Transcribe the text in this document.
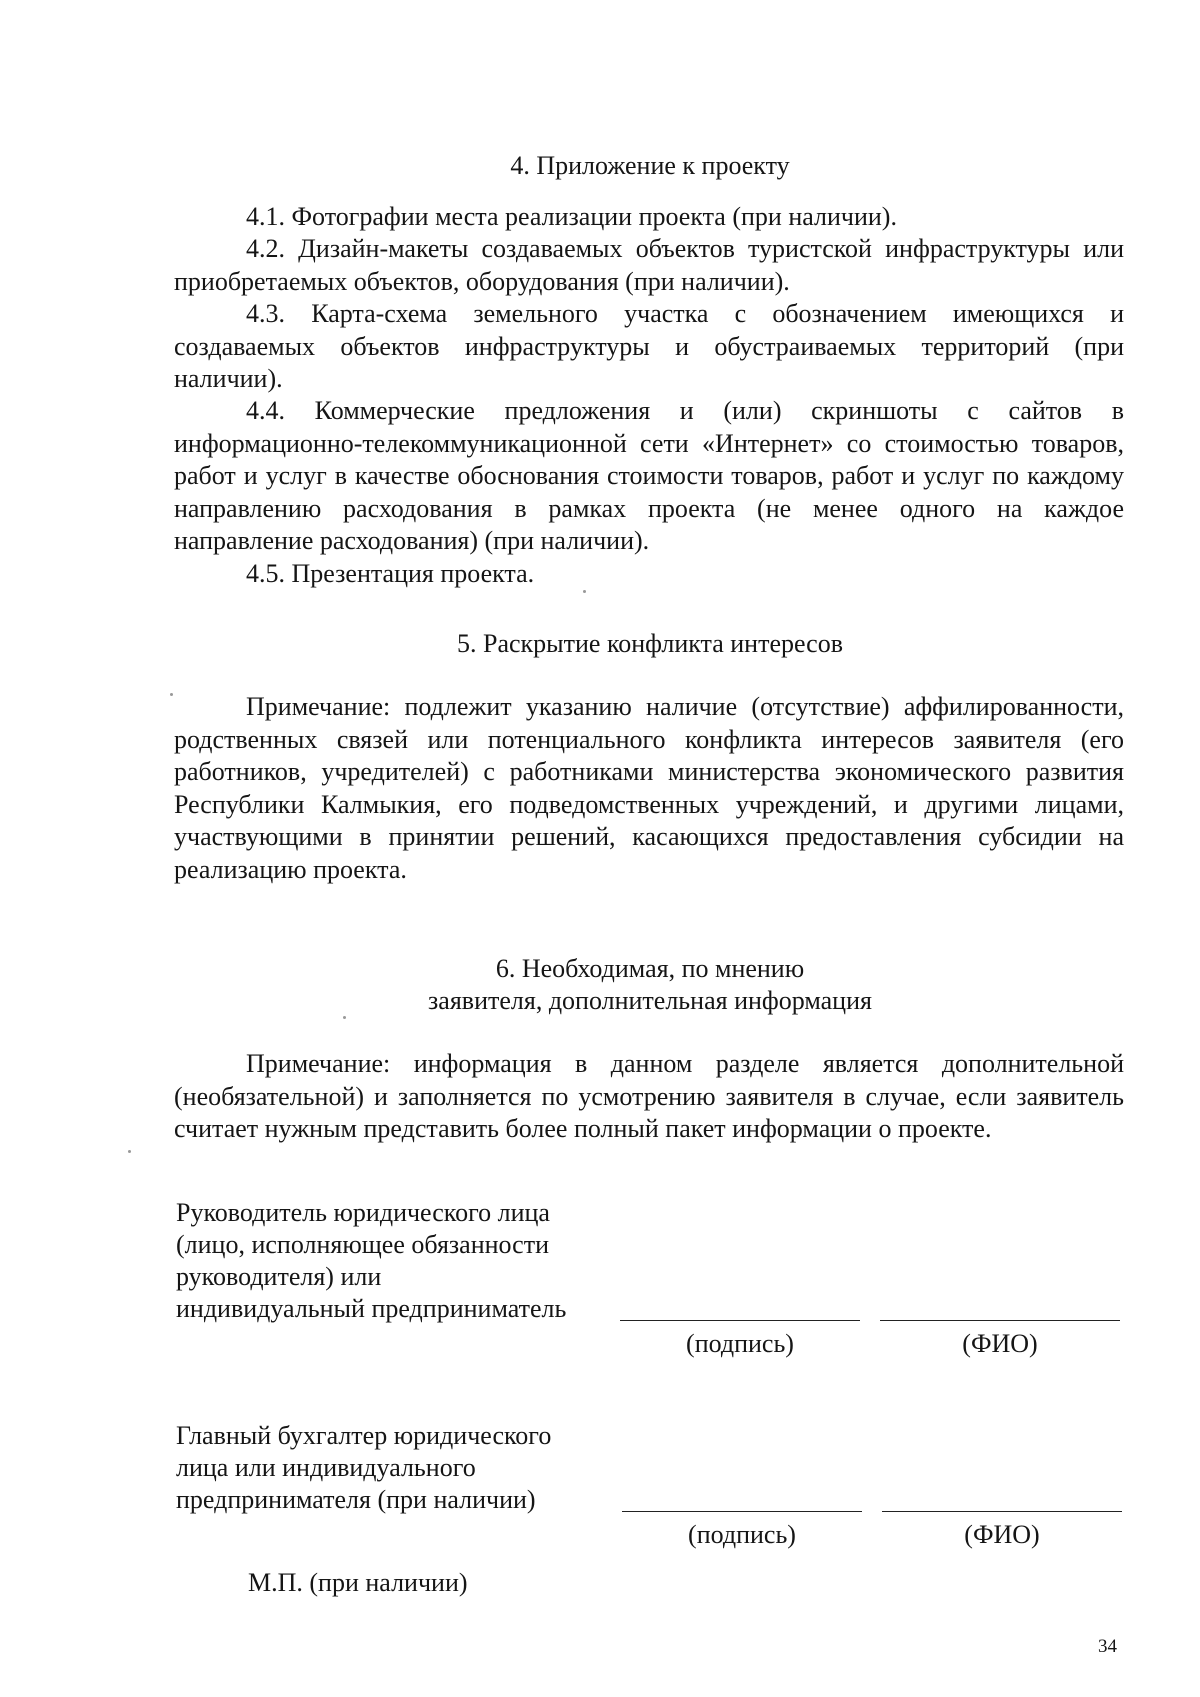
4. Приложение к проекту
4.1. Фотографии места реализации проекта (при наличии).
4.2. Дизайн-макеты создаваемых объектов туристской инфраструктуры или приобретаемых объектов, оборудования (при наличии).
4.3. Карта-схема земельного участка с обозначением имеющихся и создаваемых объектов инфраструктуры и обустраиваемых территорий (при наличии).
4.4. Коммерческие предложения и (или) скриншоты с сайтов в информационно-телекоммуникационной сети «Интернет» со стоимостью товаров, работ и услуг в качестве обоснования стоимости товаров, работ и услуг по каждому направлению расходования в рамках проекта (не менее одного на каждое направление расходования) (при наличии).
4.5. Презентация проекта.
5. Раскрытие конфликта интересов
Примечание: подлежит указанию наличие (отсутствие) аффилированности, родственных связей или потенциального конфликта интересов заявителя (его работников, учредителей) с работниками министерства экономического развития Республики Калмыкия, его подведомственных учреждений, и другими лицами, участвующими в принятии решений, касающихся предоставления субсидии на реализацию проекта.
6. Необходимая, по мнению
заявителя, дополнительная информация
Примечание: информация в данном разделе является дополнительной (необязательной) и заполняется по усмотрению заявителя в случае, если заявитель считает нужным представить более полный пакет информации о проекте.
Руководитель юридического лица
(лицо, исполняющее обязанности
руководителя) или
индивидуальный предприниматель
(подпись)	(ФИО)
Главный бухгалтер юридического
лица или индивидуального
предпринимателя (при наличии)
(подпись)	(ФИО)
М.П. (при наличии)
34
